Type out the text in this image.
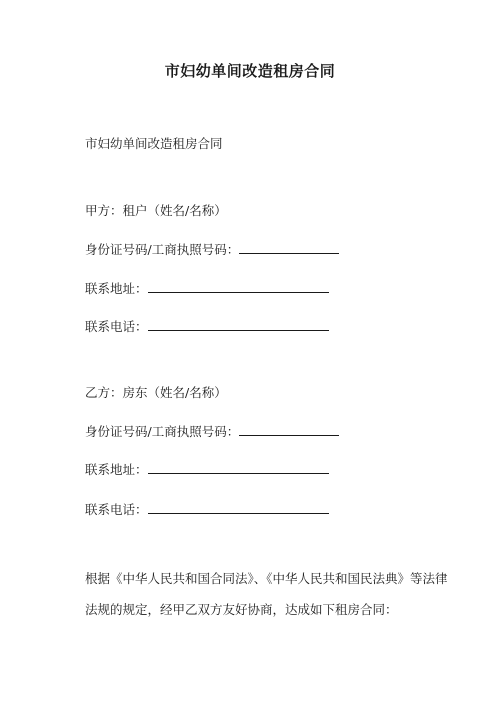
市妇幼单间改造租房合同
市妇幼单间改造租房合同
甲方：租户（姓名/名称）
身份证号码/工商执照号码：
联系地址：
联系电话：
乙方：房东（姓名/名称）
身份证号码/工商执照号码：
联系地址：
联系电话：
根据《中华人民共和国合同法》、《中华人民共和国民法典》等法律
法规的规定，经甲乙双方友好协商，达成如下租房合同：
